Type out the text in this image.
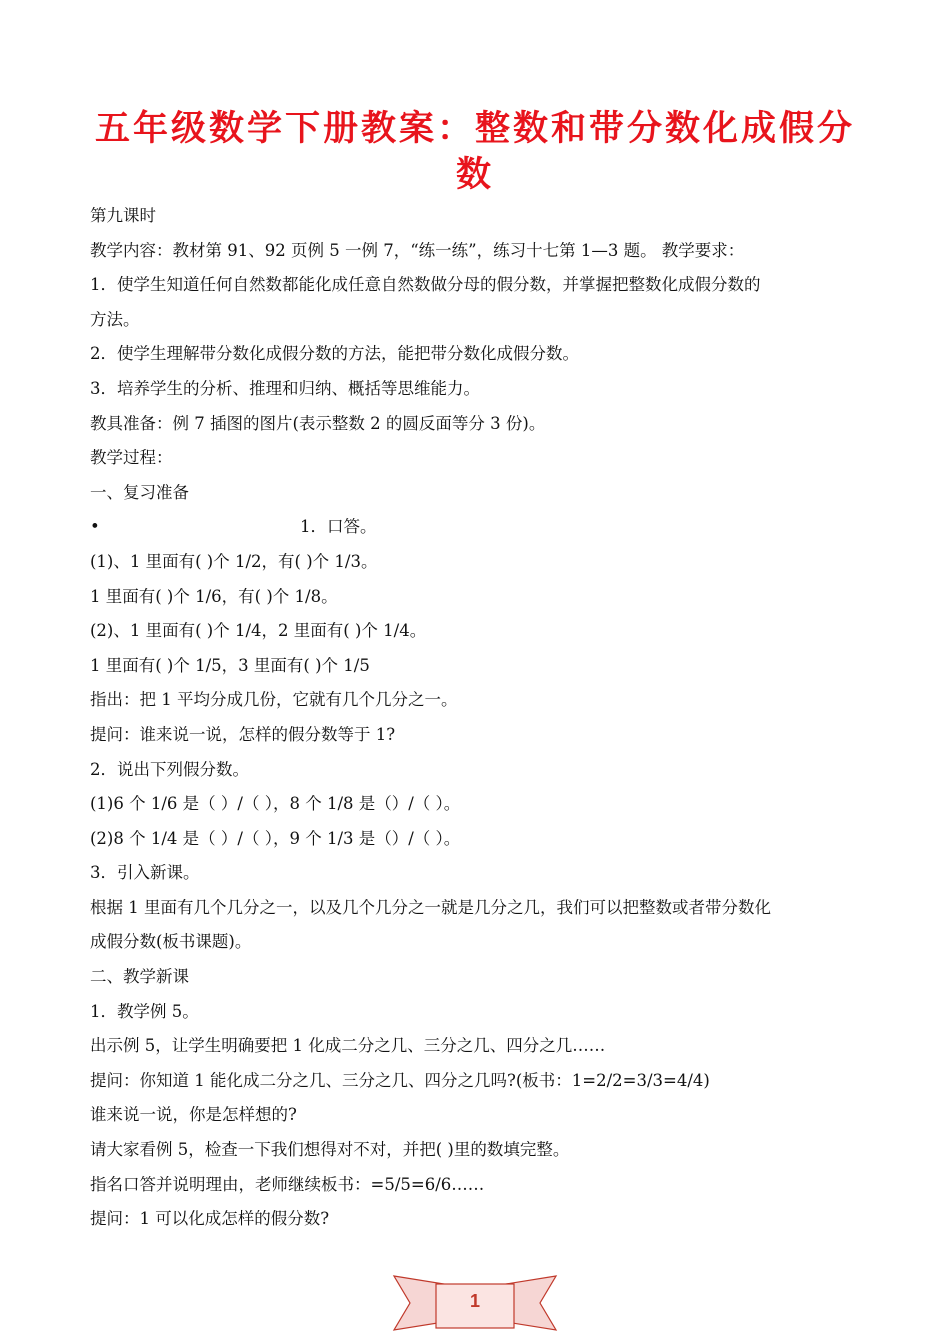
五年级数学下册教案：整数和带分数化成假分数
第九课时
教学内容：教材第 91、92 页例 5 一例 7，“练一练”，练习十七第 1—3 题。 教学要求：
1．使学生知道任何自然数都能化成任意自然数做分母的假分数，并掌握把整数化成假分数的
方法。
2．使学生理解带分数化成假分数的方法，能把带分数化成假分数。
3．培养学生的分析、推理和归纳、概括等思维能力。
教具准备：例 7 插图的图片(表示整数 2 的圆反面等分 3 份)。
教学过程：
一、复习准备
•	1．口答。
(1)、1 里面有( )个 1/2，有( )个 1/3。
1 里面有( )个 1/6，有( )个 1/8。
(2)、1 里面有( )个 1/4，2 里面有( )个 1/4。
1 里面有( )个 1/5，3 里面有( )个 1/5
指出：把 1 平均分成几份，它就有几个几分之一。
提问：谁来说一说，怎样的假分数等于 1?
2．说出下列假分数。
(1)6 个 1/6 是（ ）/（ ），8 个 1/8 是（）/（ ）。
(2)8 个 1/4 是（ ）/（ ），9 个 1/3 是（）/（ ）。
3．引入新课。
根据 1 里面有几个几分之一，以及几个几分之一就是几分之几，我们可以把整数或者带分数化
成假分数(板书课题)。
二、教学新课
1．教学例 5。
出示例 5，让学生明确要把 1 化成二分之几、三分之几、四分之几……
提问：你知道 1 能化成二分之几、三分之几、四分之几吗?(板书：1=2/2=3/3=4/4)
谁来说一说，你是怎样想的?
请大家看例 5，检查一下我们想得对不对，并把( )里的数填完整。
指名口答并说明理由，老师继续板书：=5/5=6/6……
提问：1 可以化成怎样的假分数?
1
